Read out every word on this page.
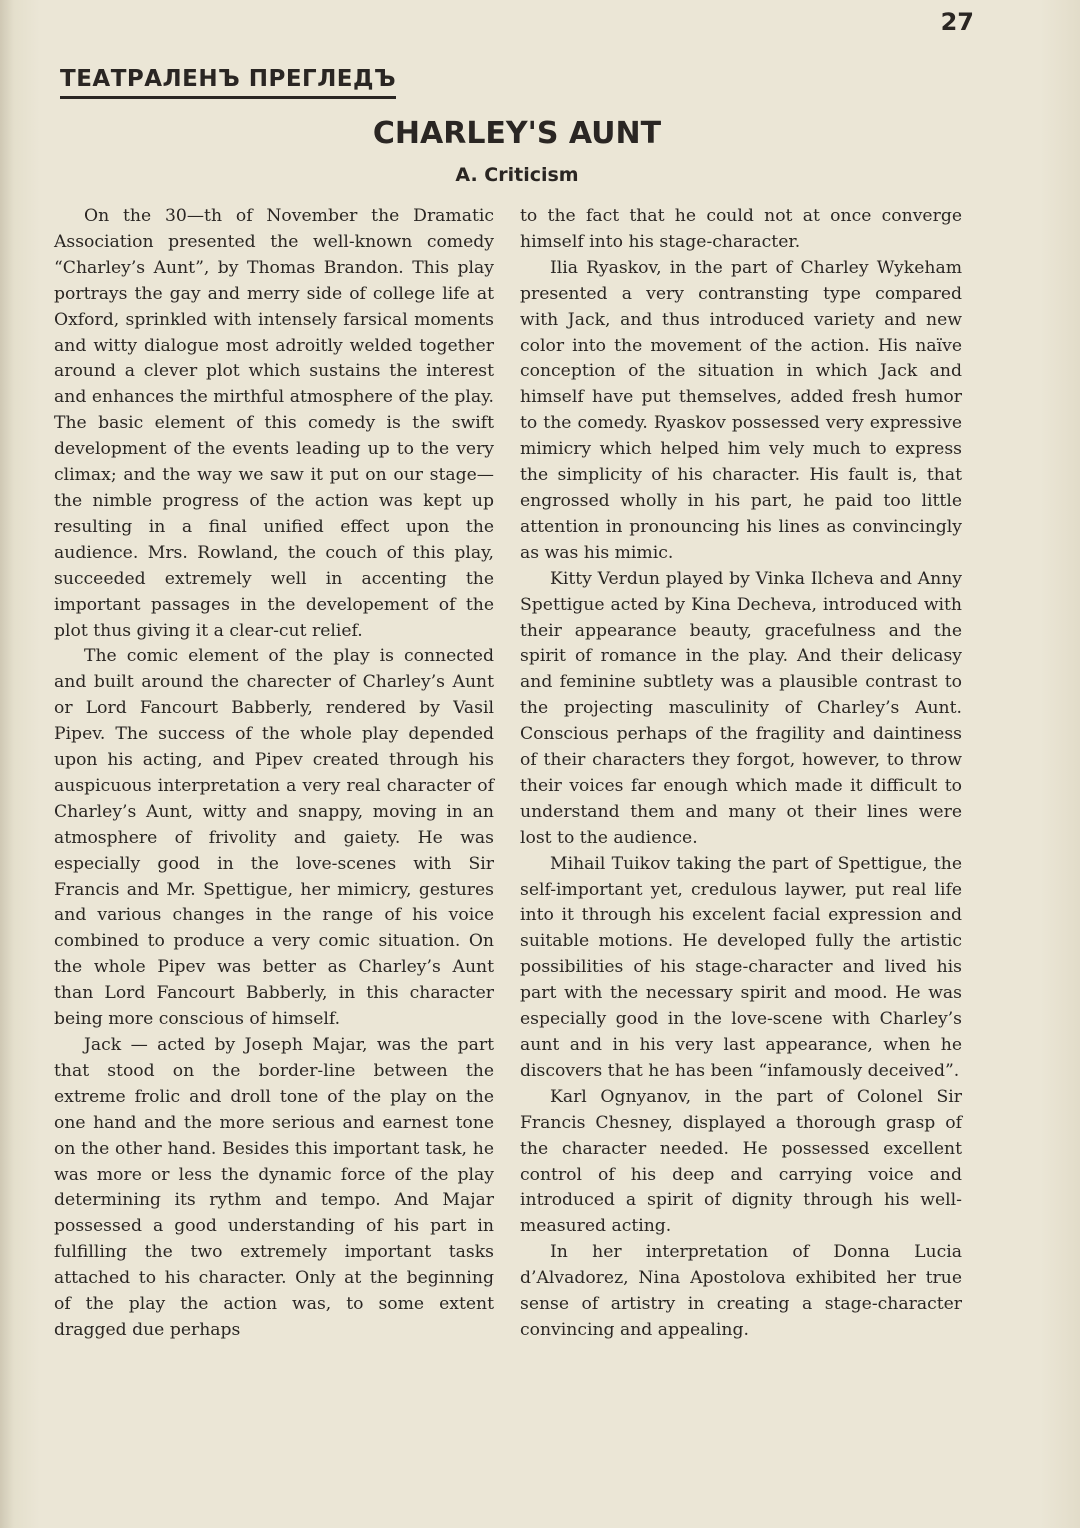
27
ТЕАТРАЛЕНЪ ПРЕГЛЕДЪ
CHARLEY'S AUNT
A. Criticism

On the 30—th of November the Dramatic Association presented the well-known comedy “Charley’s Aunt”, by Thomas Brandon. This play portrays the gay and merry side of college life at Oxford, sprinkled with intensely farsical moments and witty dialogue most adroitly welded together around a clever plot which sustains the interest and enhances the mirthful atmosphere of the play. The basic element of this comedy is the swift development of the events leading up to the very climax; and the way we saw it put on our stage—the nimble progress of the action was kept up resulting in a final unified effect upon the audience. Mrs. Rowland, the couch of this play, succeeded extremely well in accenting the important passages in the developement of the plot thus giving it a clear-cut relief.

The comic element of the play is connected and built around the charecter of Charley’s Aunt or Lord Fancourt Babberly, rendered by Vasil Pipev. The success of the whole play depended upon his acting, and Pipev created through his auspicuous interpretation a very real character of Charley’s Aunt, witty and snappy, moving in an atmosphere of frivolity and gaiety. He was especially good in the love-scenes with Sir Francis and Mr. Spettigue, her mimicry, gestures and various changes in the range of his voice combined to produce a very comic situation. On the whole Pipev was better as Charley’s Aunt than Lord Fancourt Babberly, in this character being more conscious of himself.

Jack — acted by Joseph Majar, was the part that stood on the border-line between the extreme frolic and droll tone of the play on the one hand and the more serious and earnest tone on the other hand. Besides this important task, he was more or less the dynamic force of the play determining its rythm and tempo. And Majar possessed a good understanding of his part in fulfilling the two extremely important tasks attached to his character. Only at the beginning of the play the action was, to some extent dragged due perhaps

to the fact that he could not at once converge himself into his stage-character.

Ilia Ryaskov, in the part of Charley Wykeham presented a very contransting type compared with Jack, and thus introduced variety and new color into the movement of the action. His naïve conception of the situation in which Jack and himself have put themselves, added fresh humor to the comedy. Ryaskov possessed very expressive mimicry which helped him vely much to express the simplicity of his character. His fault is, that engrossed wholly in his part, he paid too little attention in pronouncing his lines as convincingly as was his mimic.

Kitty Verdun played by Vinka Ilcheva and Anny Spettigue acted by Kina Decheva, introduced with their appearance beauty, gracefulness and the spirit of romance in the play. And their delicasy and feminine subtlety was a plausible contrast to the projecting masculinity of Charley’s Aunt. Conscious perhaps of the fragility and daintiness of their characters they forgot, however, to throw their voices far enough which made it difficult to understand them and many ot their lines were lost to the audience.

Mihail Tuikov taking the part of Spettigue, the self-important yet, credulous laywer, put real life into it through his excelent facial expression and suitable motions. He developed fully the artistic possibilities of his stage-character and lived his part with the necessary spirit and mood. He was especially good in the love-scene with Charley’s aunt and in his very last appearance, when he discovers that he has been “infamously deceived”.

Karl Ognyanov, in the part of Colonel Sir Francis Chesney, displayed a thorough grasp of the character needed. He possessed excellent control of his deep and carrying voice and introduced a spirit of dignity through his well-measured acting.

In her interpretation of Donna Lucia d’Alvadorez, Nina Apostolova exhibited her true sense of artistry in creating a stage-character convincing and appealing.
